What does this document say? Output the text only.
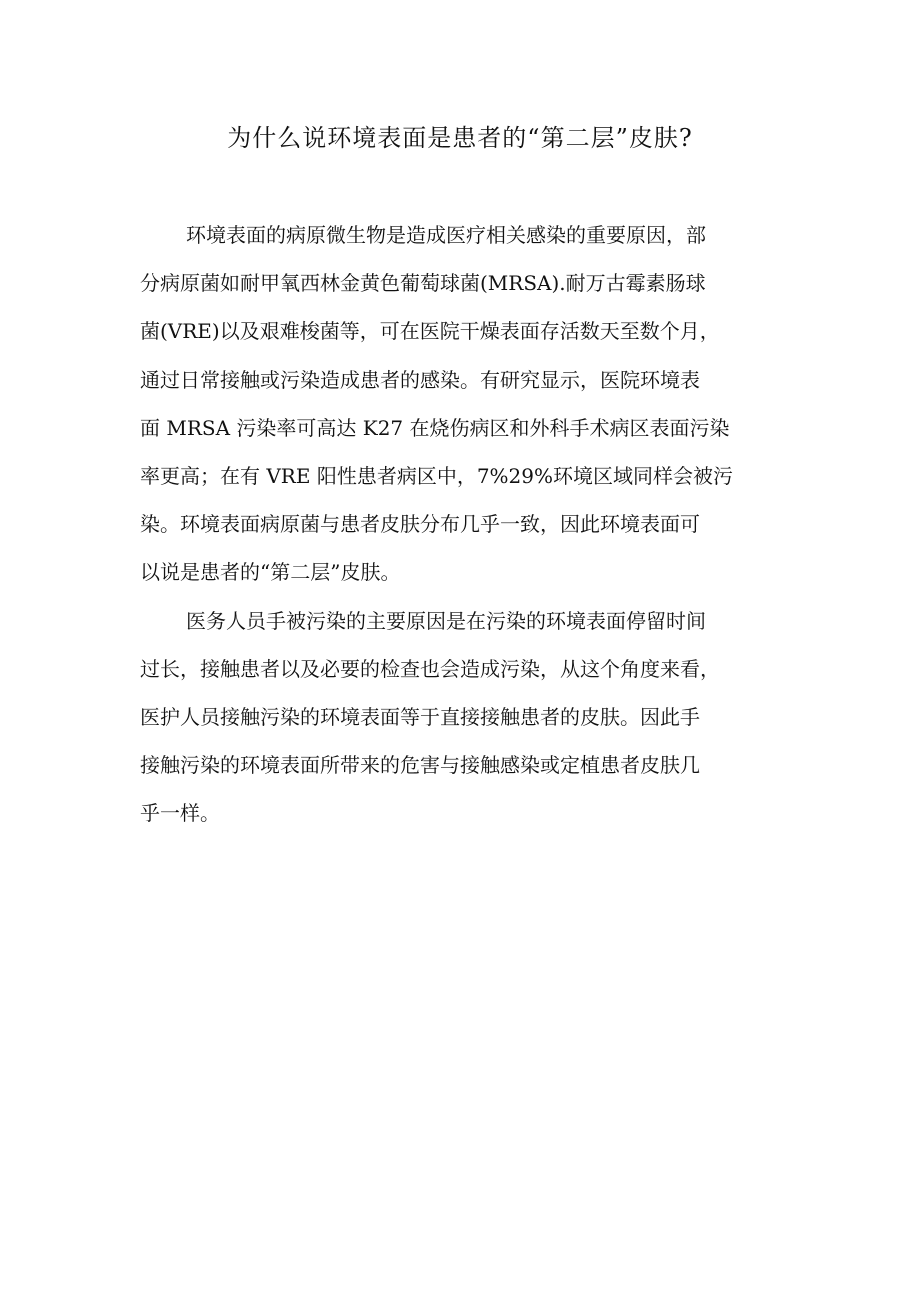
为什么说环境表面是患者的“第二层”皮肤?

环境表面的病原微生物是造成医疗相关感染的重要原因，部
分病原菌如耐甲氧西林金黄色葡萄球菌(MRSA).耐万古霉素肠球
菌(VRE)以及艰难梭菌等，可在医院干燥表面存活数天至数个月，
通过日常接触或污染造成患者的感染。有研究显示，医院环境表
面 MRSA 污染率可高达 K27 在烧伤病区和外科手术病区表面污染
率更高；在有 VRE 阳性患者病区中，7%29%环境区域同样会被污
染。环境表面病原菌与患者皮肤分布几乎一致，因此环境表面可
以说是患者的“第二层”皮肤。

医务人员手被污染的主要原因是在污染的环境表面停留时间
过长，接触患者以及必要的检查也会造成污染，从这个角度来看，
医护人员接触污染的环境表面等于直接接触患者的皮肤。因此手
接触污染的环境表面所带来的危害与接触感染或定植患者皮肤几
乎一样。
